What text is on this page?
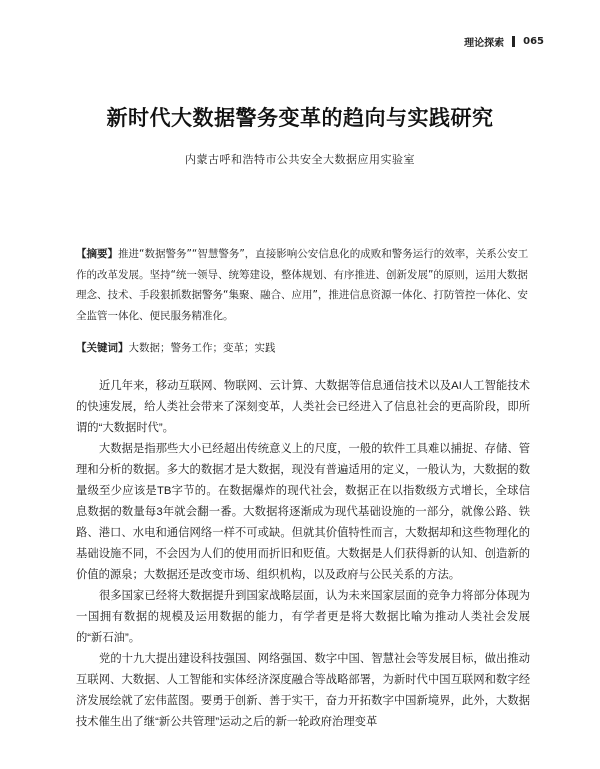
理论探索 065
新时代大数据警务变革的趋向与实践研究
内蒙古呼和浩特市公共安全大数据应用实验室

【摘要】推进“数据警务”“智慧警务”，直接影响公安信息化的成败和警务运行的效率，关系公安工作的改革发展。坚持“统一领导、统筹建设，整体规划、有序推进、创新发展”的原则，运用大数据理念、技术、手段狠抓数据警务“集聚、融合、应用”，推进信息资源一体化、打防管控一体化、安全监管一体化、便民服务精准化。

【关键词】大数据；警务工作；变革；实践

近几年来，移动互联网、物联网、云计算、大数据等信息通信技术以及AI人工智能技术的快速发展，给人类社会带来了深刻变革，人类社会已经进入了信息社会的更高阶段，即所谓的“大数据时代”。

大数据是指那些大小已经超出传统意义上的尺度，一般的软件工具难以捕捉、存储、管理和分析的数据。多大的数据才是大数据，现没有普遍适用的定义，一般认为，大数据的数量级至少应该是TB字节的。在数据爆炸的现代社会，数据正在以指数级方式增长，全球信息数据的数量每3年就会翻一番。大数据将逐渐成为现代基础设施的一部分，就像公路、铁路、港口、水电和通信网络一样不可或缺。但就其价值特性而言，大数据却和这些物理化的基础设施不同，不会因为人们的使用而折旧和贬值。大数据是人们获得新的认知、创造新的价值的源泉；大数据还是改变市场、组织机构，以及政府与公民关系的方法。

很多国家已经将大数据提升到国家战略层面，认为未来国家层面的竞争力将部分体现为一国拥有数据的规模及运用数据的能力，有学者更是将大数据比喻为推动人类社会发展的“新石油”。

党的十九大提出建设科技强国、网络强国、数字中国、智慧社会等发展目标，做出推动互联网、大数据、人工智能和实体经济深度融合等战略部署，为新时代中国互联网和数字经济发展绘就了宏伟蓝图。要勇于创新、善于实干，奋力开拓数字中国新境界，此外，大数据技术催生出了继“新公共管理”运动之后的新一轮政府治理变革
